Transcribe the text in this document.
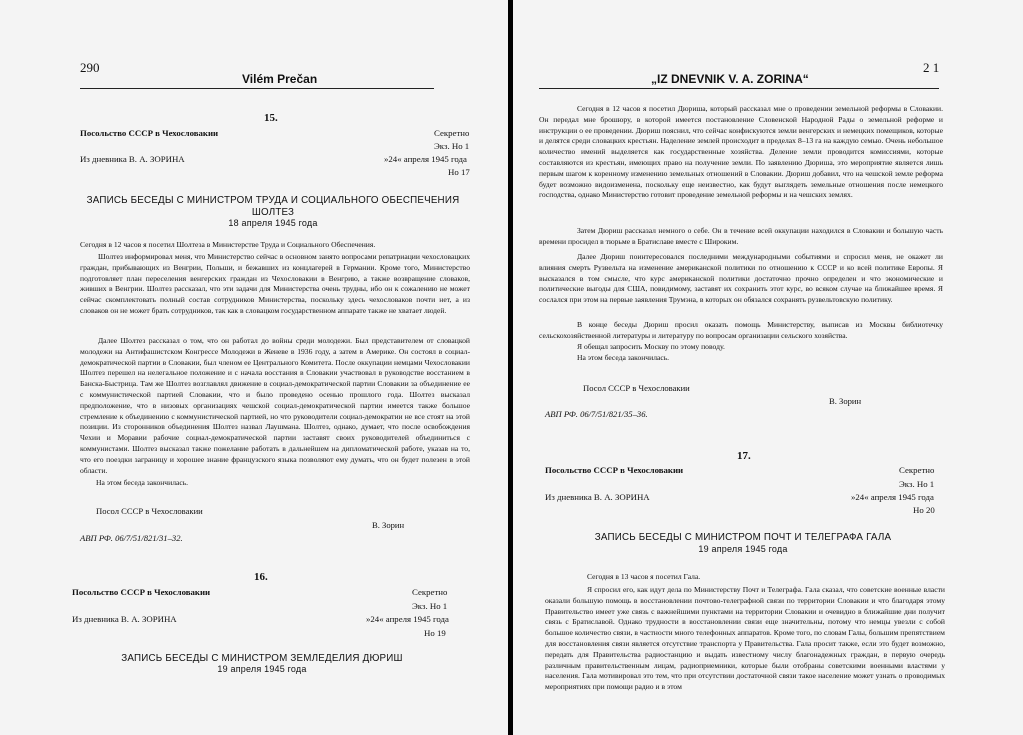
290
Vilém Prečan
15.
Посольство СССР в Чехословакии	Секретно
Экз. Но 1
Из дневника В. А. ЗОРИНА	»24« апреля 1945 года
Но 17
ЗАПИСЬ БЕСЕДЫ С МИНИСТРОМ ТРУДА И СОЦИАЛЬНОГО ОБЕСПЕЧЕНИЯ
ШОЛТЕЗ
18 апреля 1945 года
Сегодня в 12 часов я посетил Шолтеза в Министерстве Труда и Социального Обеспечения.
Шолтез информировал меня, что Министерство сейчас в основном занято вопросами репатриации чехословацких граждан, прибывающих из Венгрии, Польши, и бежавших из концлагерей в Германии. Кроме того, Министерство подготовляет план переселения венгерских граждан из Чехословакии в Венгрию, а также возвращение словаков, живших в Венгрии. Шолтез рассказал, что эти задачи для Министерства очень трудны, ибо он к сожалению не может сейчас скомплектовать полный состав сотрудников Министерства, поскольку здесь чехословаков почти нет, а из словаков он не может брать сотрудников, так как в словацком государственном аппарате также не хватает людей.
Далее Шолтез рассказал о том, что он работал до войны среди молодежи. Был представителем от словацкой молодежи на Антифашистском Конгрессе Молодежи в Женеве в 1936 году, а затем в Америке. Он состоял в социал-демократической партии в Словакии, был членом ее Центрального Комитета. После оккупации немцами Чехословакии Шолтез перешел на нелегальное положение и с начала восстания в Словакии участвовал в руководстве восстанием в Банска-Быстрица. Там же Шолтез возглавлял движение в социал-демократической партии Словакии за объединение ее с коммунистической партией Словакии, что и было проведено осенью прошлого года. Шолтез высказал предположение, что в низовых организациях чешской социал-демократической партии имеется также большое стремление к объединению с коммунистической партией, но что руководители социал-демократии не все стоят на этой позиции. Из сторонников объединения Шолтез назвал Лаушмана. Шолтез, однако, думает, что после освобождения Чехии и Моравии рабочие социал-демократической партии заставят своих руководителей объединиться с коммунистами. Шолтез высказал также пожелание работать в дальнейшем на дипломатической работе, указав на то, что его поездки заграницу и хорошее знание французского языка позволяют ему думать, что он будет полезен в этой области.
На этом беседа закончилась.
Посол СССР в Чехословакии
В. Зорин
АВП РФ. 06/7/51/821/31–32.
16.
Посольство СССР в Чехословакии	Секретно
Экз. Но 1
Из дневника В. А. ЗОРИНА	»24« апреля 1945 года
Но 19
ЗАПИСЬ БЕСЕДЫ С МИНИСТРОМ ЗЕМЛЕДЕЛИЯ ДЮРИШ
19 апреля 1945 года
2 1
„IZ DNEVNIK V. A. ZORINA“
Сегодня в 12 часов я посетил Дюриша, который рассказал мне о проведении земельной реформы в Словакии. Он передал мне брошюру, в которой имеется постановление Словенской Народной Рады о земельной реформе и инструкции о ее проведении. Дюриш пояснил, что сейчас конфискуются земли венгерских и немецких помещиков, которые и делятся среди словацких крестьян. Наделение землей происходит в пределах 8–13 га на каждую семью. Очень небольшое количество имений выделяется как государственные хозяйства. Деление земли проводится комиссиями, которые составляются из крестьян, имеющих право на получение земли. По заявлению Дюриша, это мероприятие является лишь первым шагом к коренному изменению земельных отношений в Словакии. Дюриш добавил, что на чешской земле реформа будет возможно видоизменена, поскольку еще неизвестно, как будут выглядеть земельные отношения после немецкого господства, однако Министерство готовит проведение земельной реформы и на чешских землях.
Затем Дюриш рассказал немного о себе. Он в течение всей оккупации находился в Словакии и большую часть времени просидел в тюрьме в Братиславе вместе с Широким.
Далее Дюриш поинтересовался последними международными событиями и спросил меня, не окажет ли влияния смерть Рузвельта на изменение американской политики по отношению к СССР и ко всей политике Европы. Я высказался в том смысле, что курс американской политики достаточно прочно определен и что экономические и политические выгоды для США, повидимому, заставят их сохранить этот курс, во всяком случае на ближайшее время. Я сослался при этом на первые заявления Трумэна, в которых он обязался сохранять рузвельтовскую политику.
В конце беседы Дюриш просил оказать помощь Министерству, выписав из Москвы библиотечку сельскохозяйственной литературы и литературу по вопросам организации сельского хозяйства.
Я обещал запросить Москву по этому поводу.
На этом беседа закончилась.
Посол СССР в Чехословакии
В. Зорин
АВП РФ. 06/7/51/821/35–36.
17.
Посольство СССР в Чехословакии	Секретно
Экз. Но 1
Из дневника В. А. ЗОРИНА	»24« апреля 1945 года
Но 20
ЗАПИСЬ БЕСЕДЫ С МИНИСТРОМ ПОЧТ И ТЕЛЕГРАФА ГАЛА
19 апреля 1945 года
Сегодня в 13 часов я посетил Гала.
Я спросил его, как идут дела по Министерству Почт и Телеграфа. Гала сказал, что советские военные власти оказали большую помощь в восстановлении почтово-телеграфной связи по территории Словакии и что благодаря этому Правительство имеет уже связь с важнейшими пунктами на территории Словакии и очевидно в ближайшие дни получит связь с Братиславой. Однако трудности в восстановлении связи еще значительны, потому что немцы увезли с собой большое количество связи, в частности много телефонных аппаратов. Кроме того, по словам Галы, большим препятствием для восстановления связи является отсутствие транспорта у Правительства. Гала просит также, если это будет возможно, передать для Правительства радиостанцию и выдать известному числу благонадежных граждан, в первую очередь различным правительственным лицам, радиоприемники, которые были отобраны советскими военными властями у населения. Гала мотивировал это тем, что при отсутствии достаточной связи такое население может узнать о проводимых мероприятиях при помощи радио и в этом
